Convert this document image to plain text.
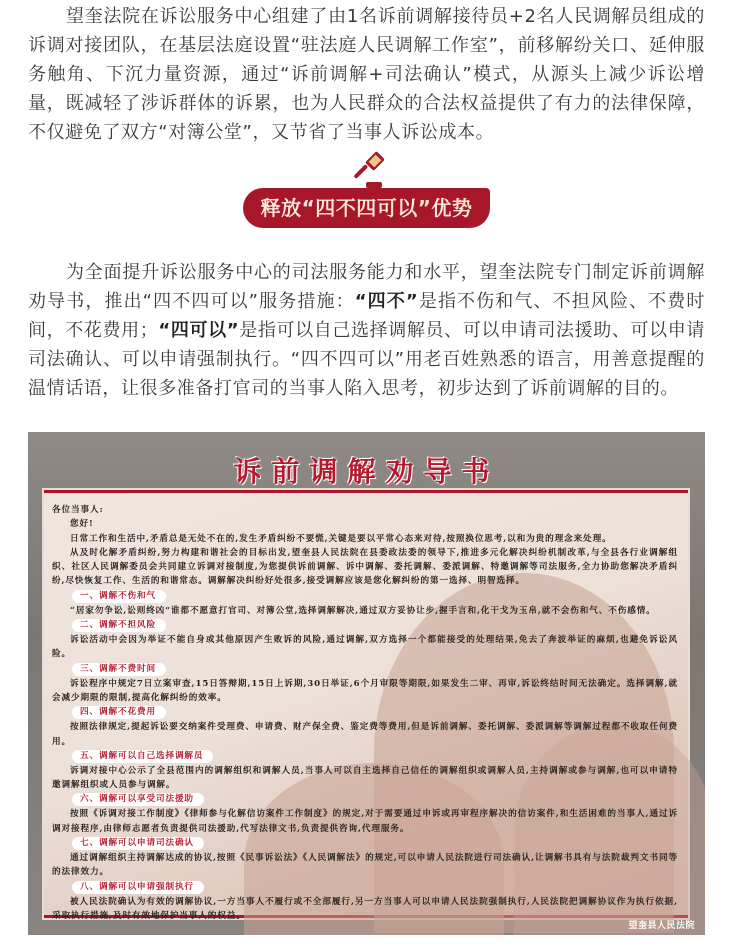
望奎法院在诉讼服务中心组建了由1名诉前调解接待员+2名人民调解员组成的诉调对接团队，在基层法庭设置“驻法庭人民调解工作室”，前移解纷关口、延伸服务触角、下沉力量资源，通过“诉前调解+司法确认”模式，从源头上减少诉讼增量，既减轻了涉诉群体的诉累，也为人民群众的合法权益提供了有力的法律保障，不仅避免了双方“对簿公堂”，又节省了当事人诉讼成本。

释放“四不四可以”优势

为全面提升诉讼服务中心的司法服务能力和水平，望奎法院专门制定诉前调解劝导书，推出“四不四可以”服务措施：“四不”是指不伤和气、不担风险、不费时间，不花费用；“四可以”是指可以自己选择调解员、可以申请司法援助、可以申请司法确认、可以申请强制执行。“四不四可以”用老百姓熟悉的语言，用善意提醒的温情话语，让很多准备打官司的当事人陷入思考，初步达到了诉前调解的目的。

诉前调解劝导书

各位当事人:

您好!

日常工作和生活中,矛盾总是无处不在的,发生矛盾纠纷不要慌,关键是要以平常心态来对待,按照换位思考,以和为贵的理念来处理。

从及时化解矛盾纠纷,努力构建和谐社会的目标出发,望奎县人民法院在县委政法委的领导下,推进多元化解决纠纷机制改革,与全县各行业调解组织、社区人民调解委员会共同建立诉调对接制度,为您提供诉前调解、诉中调解、委托调解、委派调解、特邀调解等司法服务,全力协助您解决矛盾纠纷,尽快恢复工作、生活的和谐常态。调解解决纠纷好处很多,接受调解应该是您化解纠纷的第一选择、明智选择。

一、调解不伤和气

“居家勿争讼,讼则终凶”谁都不愿意打官司、对簿公堂,选择调解解决,通过双方妥协让步,握手言和,化干戈为玉帛,就不会伤和气、不伤感情。

二、调解不担风险

诉讼活动中会因为举证不能自身或其他原因产生败诉的风险,通过调解,双方选择一个都能接受的处理结果,免去了奔波举证的麻烦,也避免诉讼风险。

三、调解不费时间

诉讼程序中规定7日立案审查,15日答辩期,15日上诉期,30日举证,6个月审限等期限,如果发生二审、再审,诉讼终结时间无法确定。选择调解,就会减少期限的限制,提高化解纠纷的效率。

四、调解不花费用

按照法律规定,提起诉讼要交纳案件受理费、申请费、财产保全费、鉴定费等费用,但是诉前调解、委托调解、委派调解等调解过程都不收取任何费用。

五、调解可以自己选择调解员

诉调对接中心公示了全县范围内的调解组织和调解人员,当事人可以自主选择自己信任的调解组织或调解人员,主持调解或参与调解,也可以申请特邀调解组织或人员参与调解。

六、调解可以享受司法援助

按照《诉调对接工作制度》《律师参与化解信访案件工作制度》的规定,对于需要通过申诉或再审程序解决的信访案件,和生活困难的当事人,通过诉调对接程序,由律师志愿者负责提供司法援助,代写法律文书,负责提供咨询,代理服务。

七、调解可以申请司法确认

通过调解组织主持调解达成的协议,按照《民事诉讼法》《人民调解法》的规定,可以申请人民法院进行司法确认,让调解书具有与法院裁判文书同等的法律效力。

八、调解可以申请强制执行

被人民法院确认为有效的调解协议,一方当事人不履行或不全部履行,另一方当事人可以申请人民法院强制执行,人民法院把调解协议作为执行依据,采取执行措施,及时有效地保护当事人的权益。

望奎县人民法院
